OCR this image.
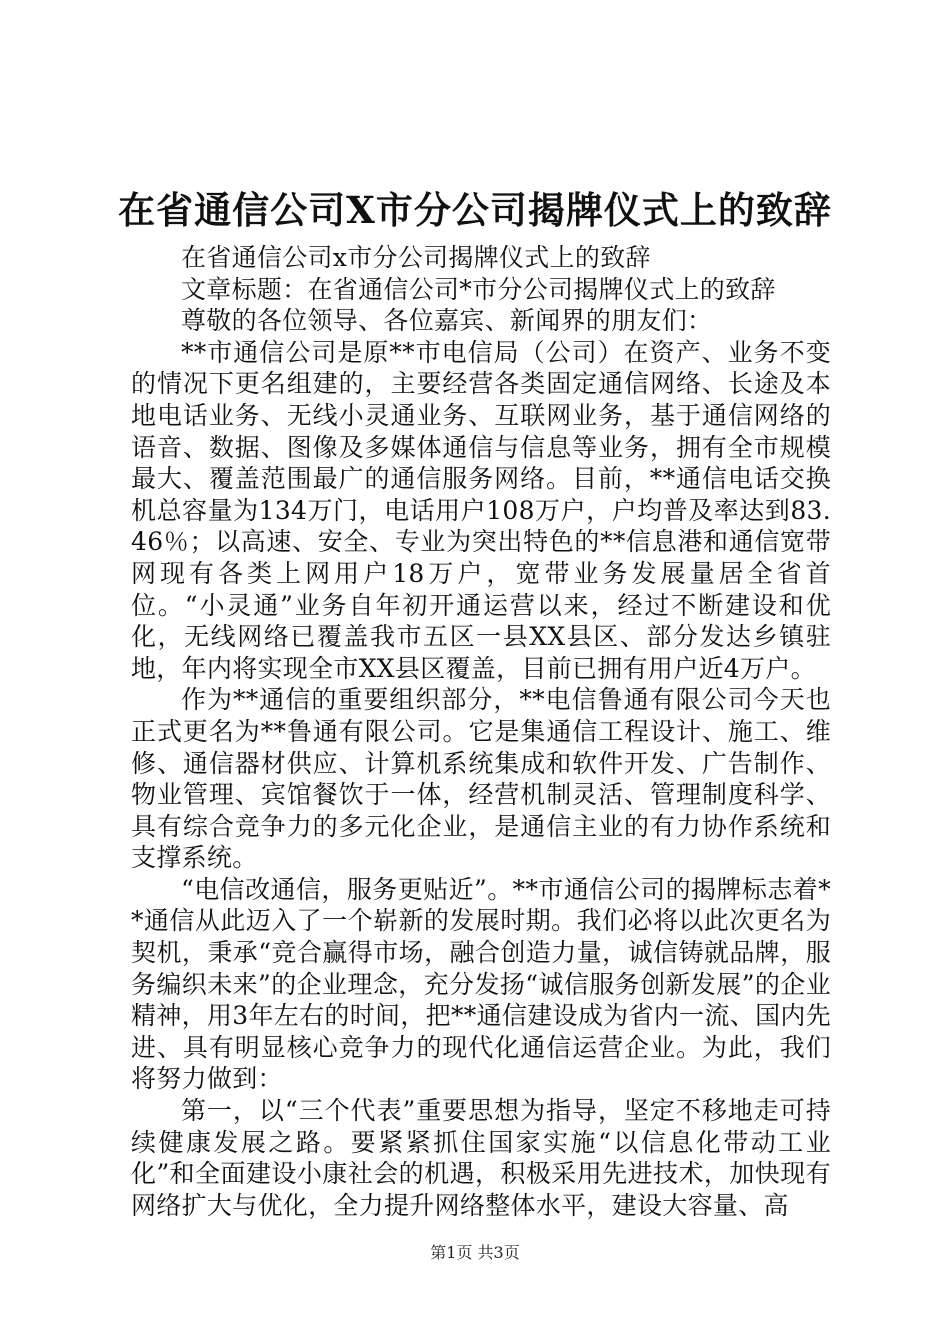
在省通信公司X市分公司揭牌仪式上的致辞

在省通信公司x市分公司揭牌仪式上的致辞

文章标题：在省通信公司*市分公司揭牌仪式上的致辞

尊敬的各位领导、各位嘉宾、新闻界的朋友们：

**市通信公司是原**市电信局（公司）在资产、业务不变的情况下更名组建的，主要经营各类固定通信网络、长途及本地电话业务、无线小灵通业务、互联网业务，基于通信网络的语音、数据、图像及多媒体通信与信息等业务，拥有全市规模最大、覆盖范围最广的通信服务网络。目前，**通信电话交换机总容量为134万门，电话用户108万户，户均普及率达到83.46％；以高速、安全、专业为突出特色的**信息港和通信宽带网现有各类上网用户18万户，宽带业务发展量居全省首位。“小灵通”业务自年初开通运营以来，经过不断建设和优化，无线网络已覆盖我市五区一县XX县区、部分发达乡镇驻地，年内将实现全市XX县区覆盖，目前已拥有用户近4万户。

作为**通信的重要组织部分，**电信鲁通有限公司今天也正式更名为**鲁通有限公司。它是集通信工程设计、施工、维修、通信器材供应、计算机系统集成和软件开发、广告制作、物业管理、宾馆餐饮于一体，经营机制灵活、管理制度科学、具有综合竞争力的多元化企业，是通信主业的有力协作系统和支撑系统。

“电信改通信，服务更贴近”。**市通信公司的揭牌标志着**通信从此迈入了一个崭新的发展时期。我们必将以此次更名为契机，秉承“竞合赢得市场，融合创造力量，诚信铸就品牌，服务编织未来”的企业理念，充分发扬“诚信服务创新发展”的企业精神，用3年左右的时间，把**通信建设成为省内一流、国内先进、具有明显核心竞争力的现代化通信运营企业。为此，我们将努力做到：

第一，以“三个代表”重要思想为指导，坚定不移地走可持续健康发展之路。要紧紧抓住国家实施“以信息化带动工业化”和全面建设小康社会的机遇，积极采用先进技术，加快现有网络扩大与优化，全力提升网络整体水平，建设大容量、高

第1页 共3页
